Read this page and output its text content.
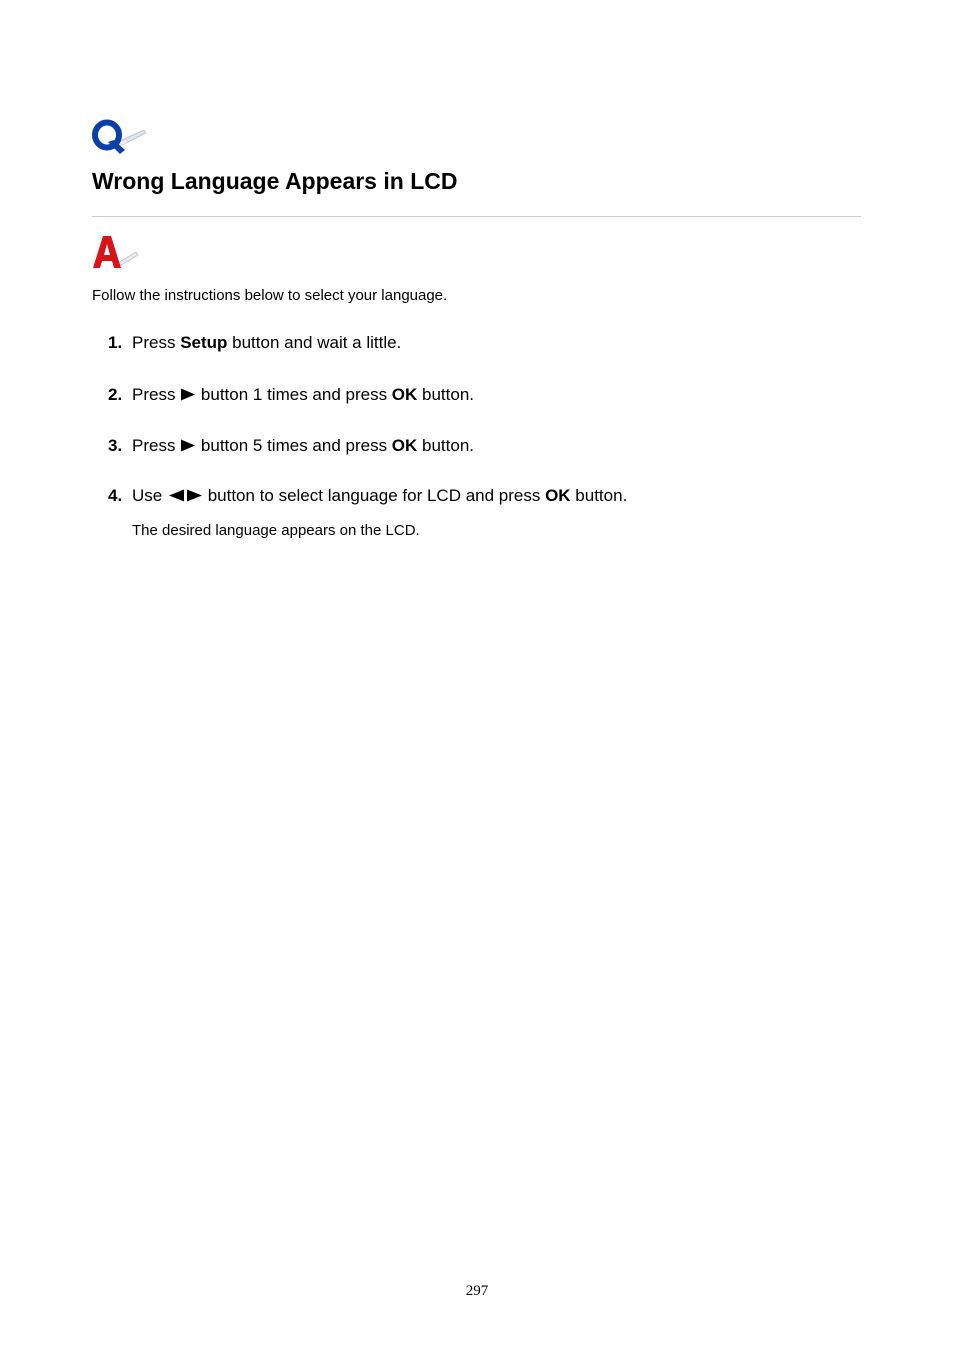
Wrong Language Appears in LCD

Follow the instructions below to select your language.

1. Press Setup button and wait a little.
2. Press  button 1 times and press OK button.
3. Press  button 5 times and press OK button.
4. Use  button to select language for LCD and press OK button.

The desired language appears on the LCD.

297
